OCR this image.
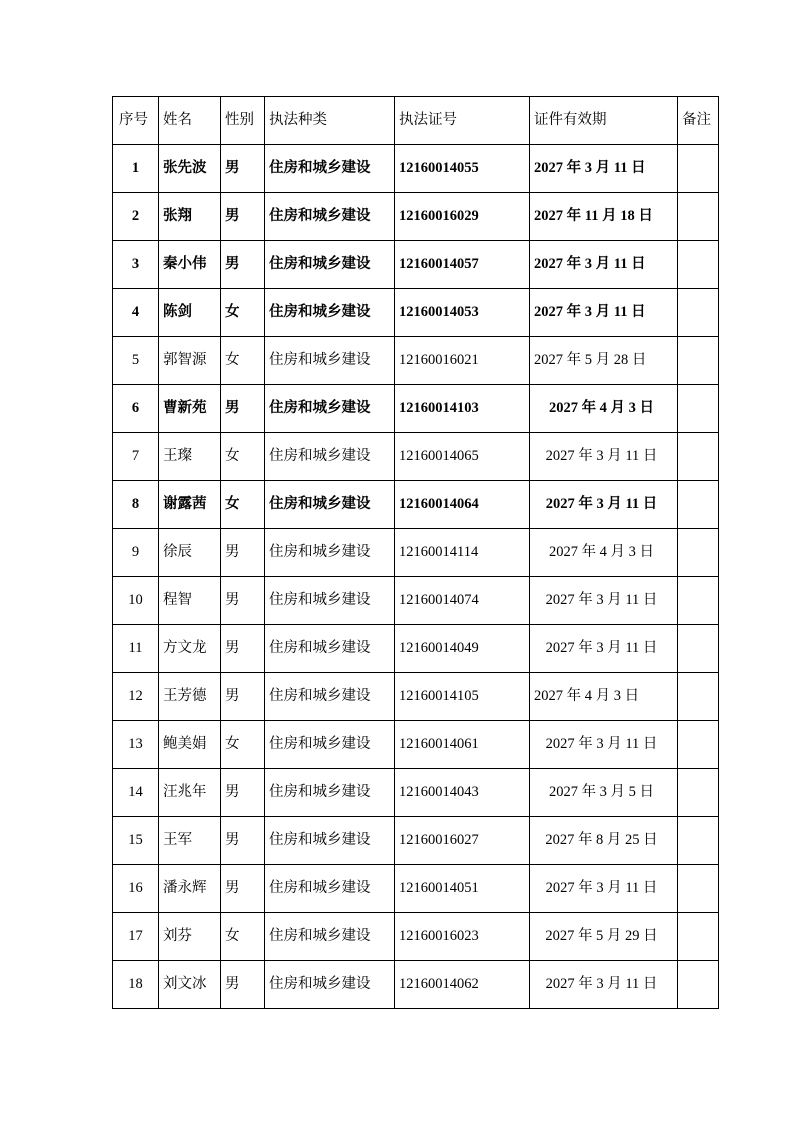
序号	姓名	性别	执法种类	执法证号	证件有效期	备注
1	张先波	男	住房和城乡建设	12160014055	2027 年 3 月 11 日	
2	张翔	男	住房和城乡建设	12160016029	2027 年 11 月 18 日	
3	秦小伟	男	住房和城乡建设	12160014057	2027 年 3 月 11 日	
4	陈剑	女	住房和城乡建设	12160014053	2027 年 3 月 11 日	
5	郭智源	女	住房和城乡建设	12160016021	2027 年 5 月 28 日	
6	曹新苑	男	住房和城乡建设	12160014103	2027 年 4 月 3 日	
7	王璨	女	住房和城乡建设	12160014065	2027 年 3 月 11 日	
8	谢露茜	女	住房和城乡建设	12160014064	2027 年 3 月 11 日	
9	徐辰	男	住房和城乡建设	12160014114	2027 年 4 月 3 日	
10	程智	男	住房和城乡建设	12160014074	2027 年 3 月 11 日	
11	方文龙	男	住房和城乡建设	12160014049	2027 年 3 月 11 日	
12	王芳德	男	住房和城乡建设	12160014105	2027 年 4 月 3 日	
13	鲍美娟	女	住房和城乡建设	12160014061	2027 年 3 月 11 日	
14	汪兆年	男	住房和城乡建设	12160014043	2027 年 3 月 5 日	
15	王军	男	住房和城乡建设	12160016027	2027 年 8 月 25 日	
16	潘永辉	男	住房和城乡建设	12160014051	2027 年 3 月 11 日	
17	刘芬	女	住房和城乡建设	12160016023	2027 年 5 月 29 日	
18	刘文冰	男	住房和城乡建设	12160014062	2027 年 3 月 11 日	
